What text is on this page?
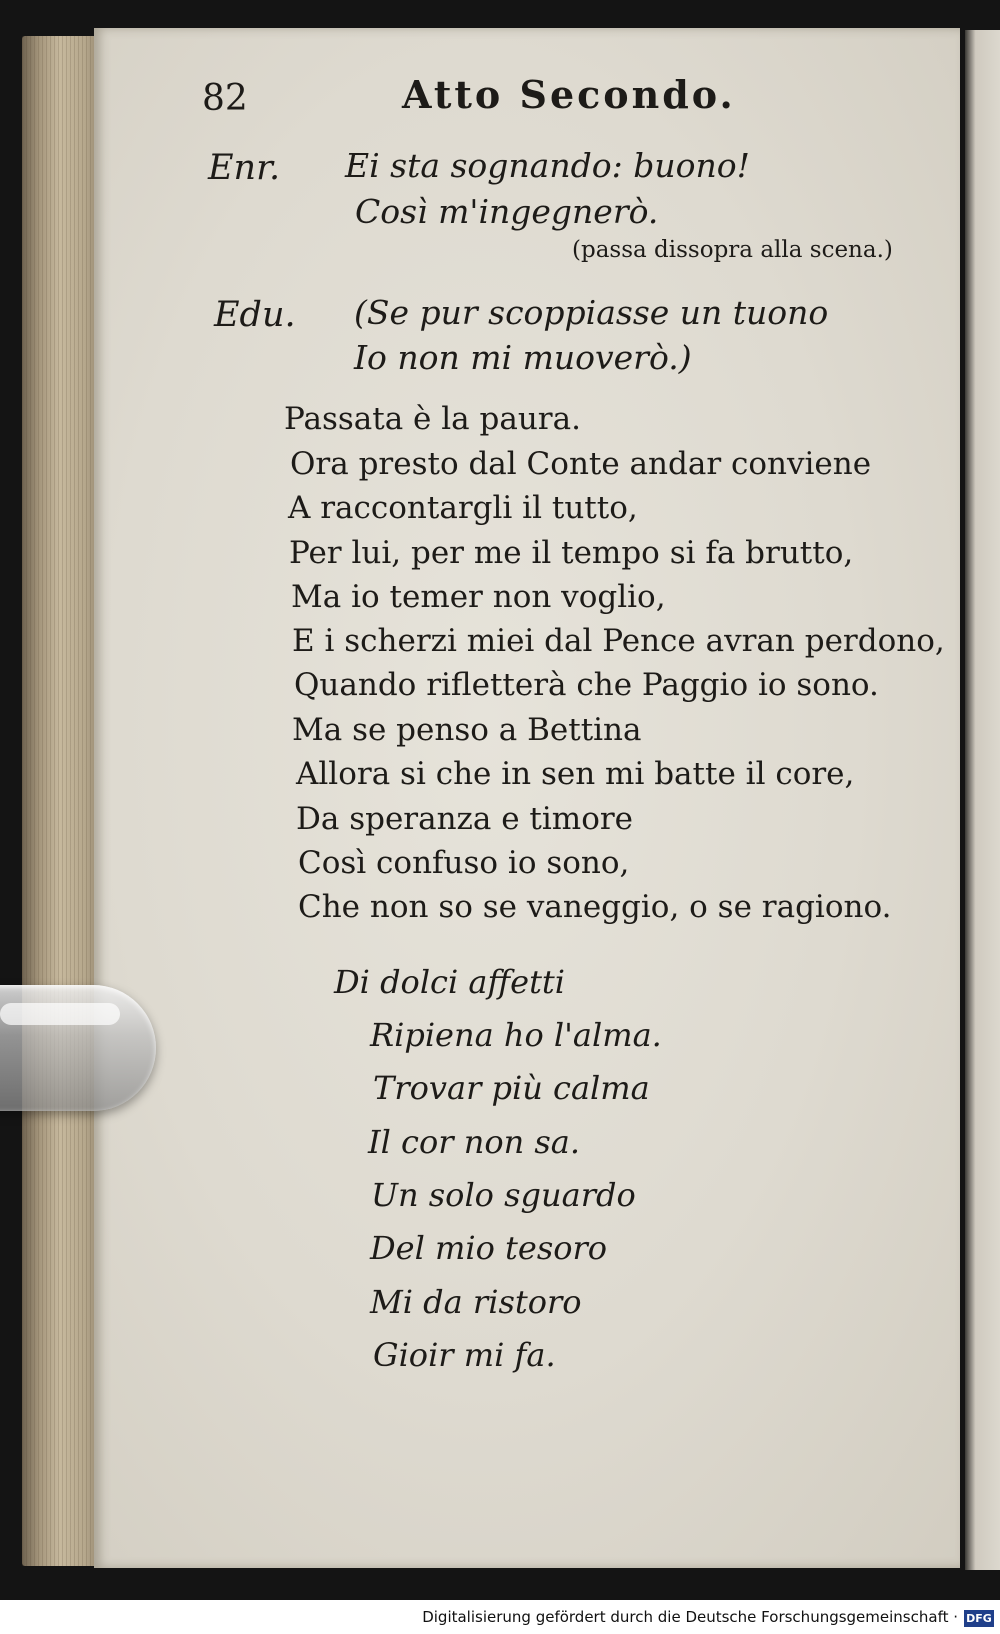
82	Atto Secondo.
Enr. Ei sta sognando: buono!
Così m'ingegnerò.
(passa dissopra alla scena.)
Edu. (Se pur scoppiasse un tuono
Io non mi muoverò.)
Passata è la paura.
Ora presto dal Conte andar conviene
A raccontargli il tutto,
Per lui, per me il tempo si fa brutto,
Ma io temer non voglio,
E i scherzi miei dal Pence avran perdono,
Quando rifletterà che Paggio io sono.
Ma se penso a Bettina
Allora si che in sen mi batte il core,
Da speranza e timore
Così confuso io sono,
Che non so se vaneggio, o se ragiono.
Di dolci affetti
Ripiena ho l'alma.
Trovar più calma
Il cor non sa.
Un solo sguardo
Del mio tesoro
Mi da ristoro
Gioir mi fa.
Digitalisierung gefördert durch die Deutsche Forschungsgemeinschaft · DFG
